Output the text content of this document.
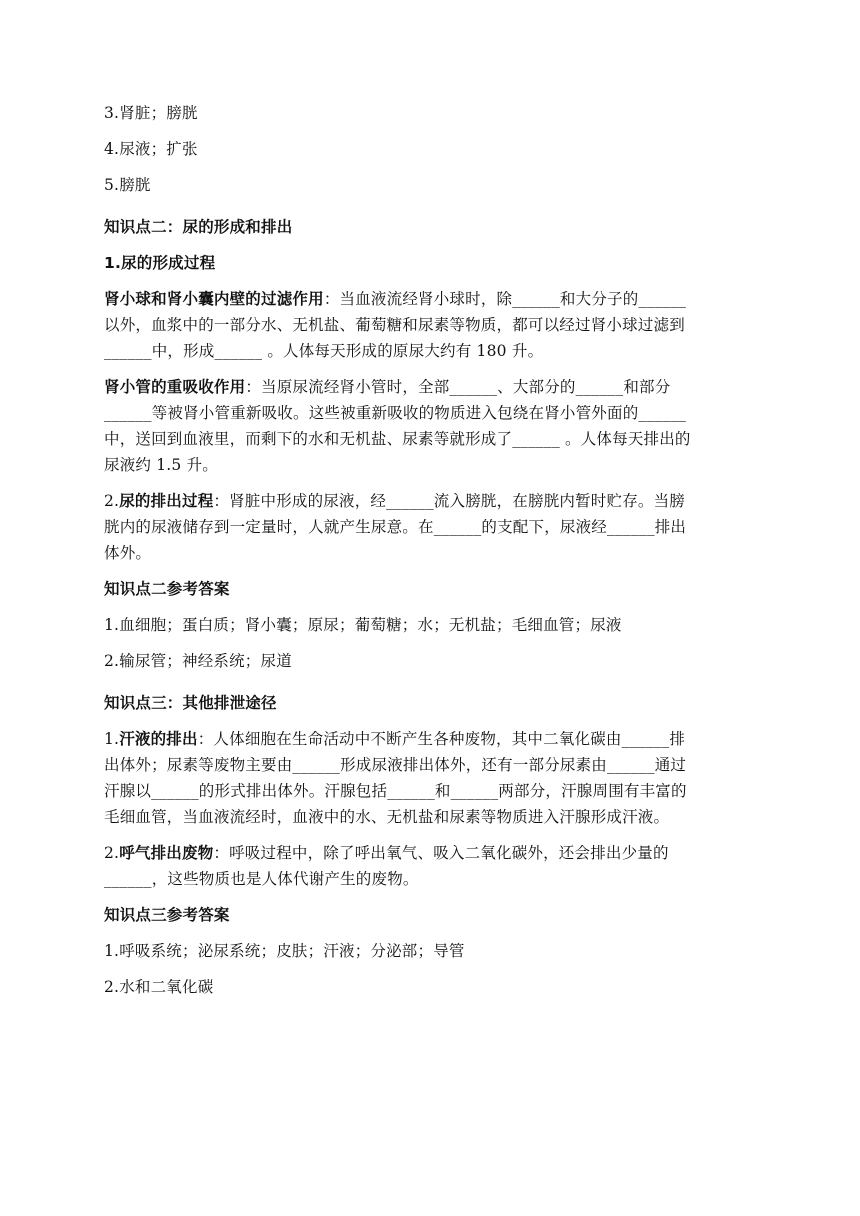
3.肾脏；膀胱

4.尿液；扩张

5.膀胱

知识点二：尿的形成和排出

1.尿的形成过程

肾小球和肾小囊内壁的过滤作用：当血液流经肾小球时，除______和大分子的______

以外，血浆中的一部分水、无机盐、葡萄糖和尿素等物质，都可以经过肾小球过滤到

______中，形成______ 。人体每天形成的原尿大约有 180 升。

肾小管的重吸收作用：当原尿流经肾小管时，全部______、大部分的______和部分

______等被肾小管重新吸收。这些被重新吸收的物质进入包绕在肾小管外面的______

中，送回到血液里，而剩下的水和无机盐、尿素等就形成了______ 。人体每天排出的

尿液约 1.5 升。

2.尿的排出过程：肾脏中形成的尿液，经______流入膀胱，在膀胱内暂时贮存。当膀

胱内的尿液储存到一定量时，人就产生尿意。在______的支配下，尿液经______排出

体外。

知识点二参考答案

1.血细胞；蛋白质；肾小囊；原尿；葡萄糖；水；无机盐；毛细血管；尿液

2.输尿管；神经系统；尿道

知识点三：其他排泄途径

1.汗液的排出：人体细胞在生命活动中不断产生各种废物，其中二氧化碳由______排

出体外；尿素等废物主要由______形成尿液排出体外，还有一部分尿素由______通过

汗腺以______的形式排出体外。汗腺包括______和______两部分，汗腺周围有丰富的

毛细血管，当血液流经时，血液中的水、无机盐和尿素等物质进入汗腺形成汗液。

2.呼气排出废物：呼吸过程中，除了呼出氧气、吸入二氧化碳外，还会排出少量的

______，这些物质也是人体代谢产生的废物。

知识点三参考答案

1.呼吸系统；泌尿系统；皮肤；汗液；分泌部；导管

2.水和二氧化碳
